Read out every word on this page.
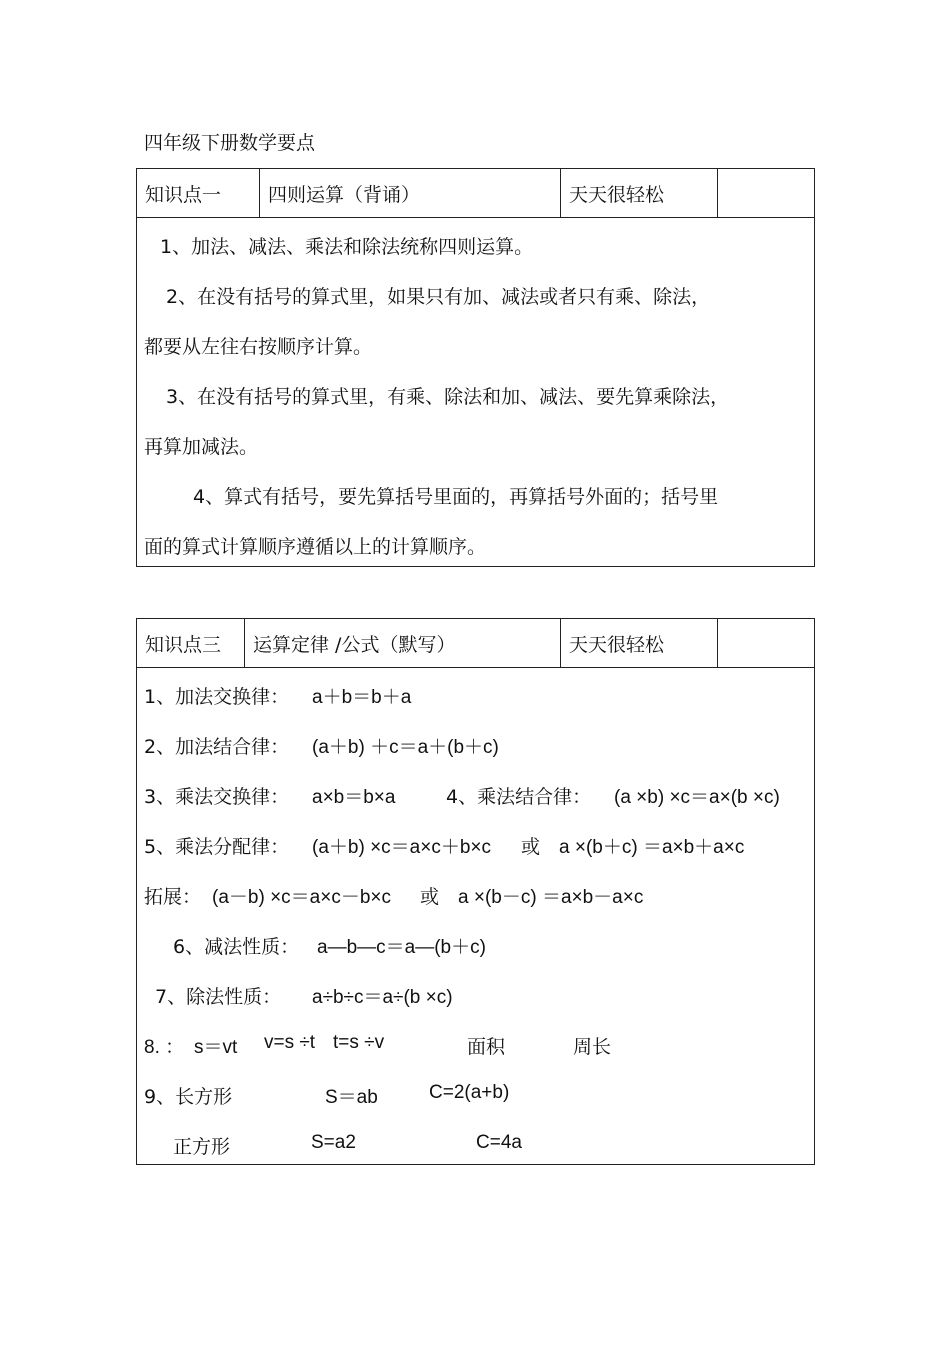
四年级下册数学要点
知识点一	四则运算（背诵）	天天很轻松	

1、加法、减法、乘法和除法统称四则运算。
2、在没有括号的算式里，如果只有加、减法或者只有乘、除法，
都要从左往右按顺序计算。
3、在没有括号的算式里，有乘、除法和加、减法、要先算乘除法，
再算加减法。
4、算式有括号，要先算括号里面的，再算括号外面的；括号里
面的算式计算顺序遵循以上的计算顺序。
知识点三	运算定律 /公式（默写）	天天很轻松	

1、加法交换律： a＋b＝b＋a
2、加法结合律： (a＋b) ＋c＝a＋(b＋c)
3、乘法交换律： a×b＝b×a	4、乘法结合律： (a ×b) ×c＝a×(b ×c)
5、乘法分配律： (a＋b) ×c＝a×c＋b×c 或 a ×(b＋c) ＝a×b＋a×c
拓展： (a－b) ×c＝a×c－b×c 或 a ×(b－c) ＝a×b－a×c
6、减法性质： a—b—c＝a—(b＋c)
7、除法性质： a÷b÷c＝a÷(b ×c)
8. ： s＝vt v=s ÷t t=s ÷v	面积	周长
9、长方形	S＝ab	C=2(a+b)
正方形	S=a2	C=4a
